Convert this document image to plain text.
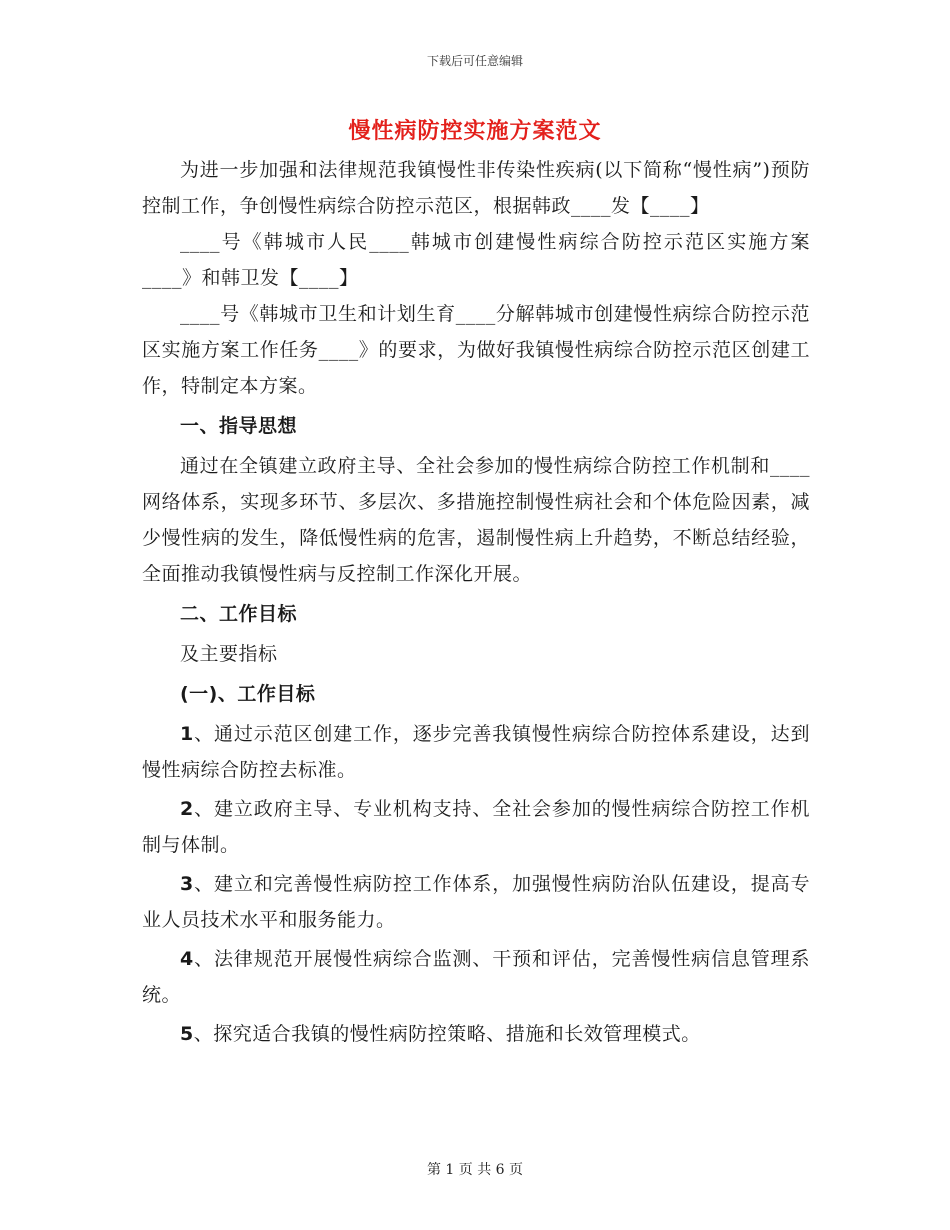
下载后可任意编辑
慢性病防控实施方案范文

为进一步加强和法律规范我镇慢性非传染性疾病(以下简称“慢性病”)预防控制工作，争创慢性病综合防控示范区，根据韩政____发【____】

____号《韩城市人民____韩城市创建慢性病综合防控示范区实施方案____》和韩卫发【____】

____号《韩城市卫生和计划生育____分解韩城市创建慢性病综合防控示范区实施方案工作任务____》的要求，为做好我镇慢性病综合防控示范区创建工作，特制定本方案。

一、指导思想

通过在全镇建立政府主导、全社会参加的慢性病综合防控工作机制和____网络体系，实现多环节、多层次、多措施控制慢性病社会和个体危险因素，减少慢性病的发生，降低慢性病的危害，遏制慢性病上升趋势，不断总结经验，全面推动我镇慢性病与反控制工作深化开展。

二、工作目标

及主要指标

(一)、工作目标

1、通过示范区创建工作，逐步完善我镇慢性病综合防控体系建设，达到慢性病综合防控去标准。

2、建立政府主导、专业机构支持、全社会参加的慢性病综合防控工作机制与体制。

3、建立和完善慢性病防控工作体系，加强慢性病防治队伍建设，提高专业人员技术水平和服务能力。

4、法律规范开展慢性病综合监测、干预和评估，完善慢性病信息管理系统。

5、探究适合我镇的慢性病防控策略、措施和长效管理模式。

第 1 页 共 6 页
